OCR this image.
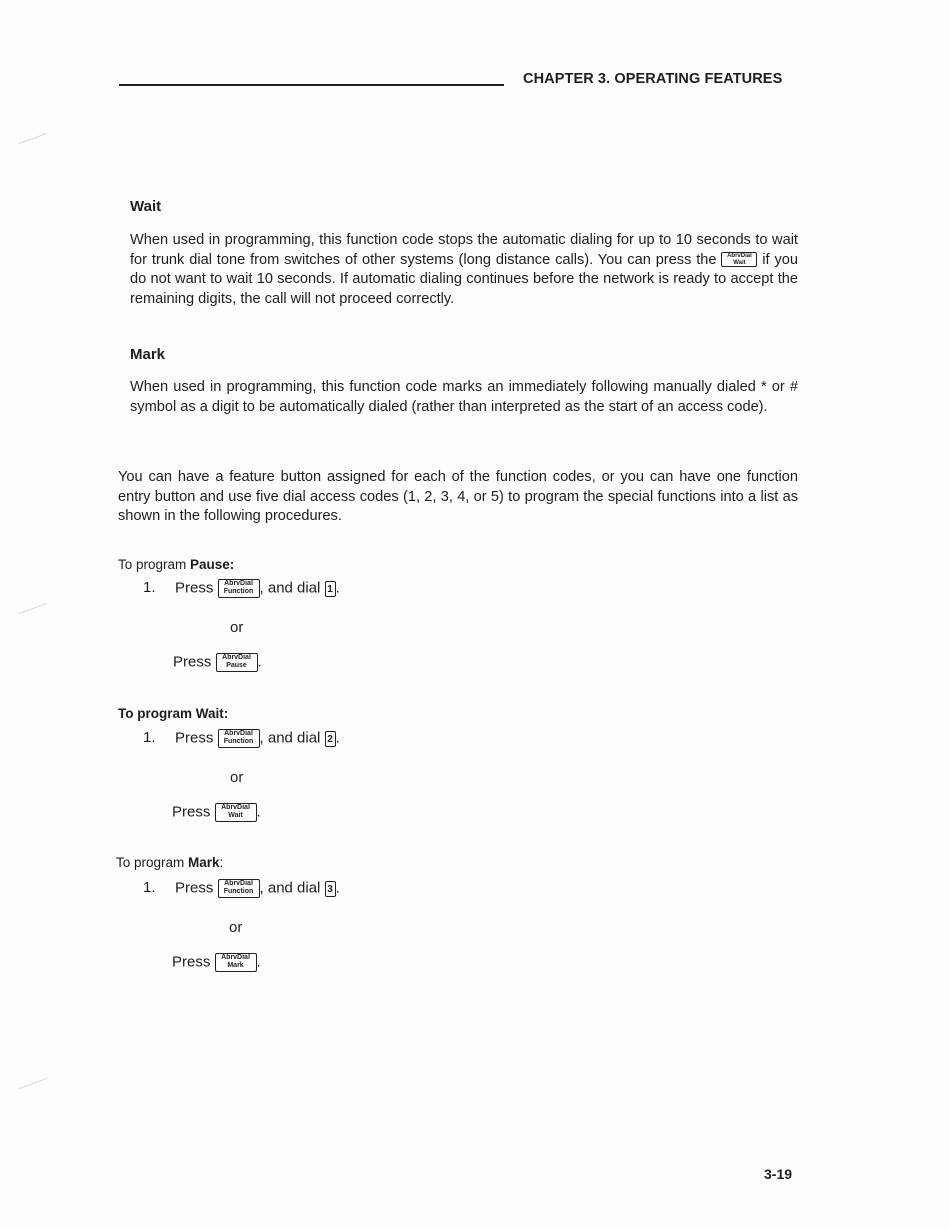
CHAPTER 3. OPERATING FEATURES
Wait
When used in programming, this function code stops the automatic dialing for up to 10 seconds to wait for trunk dial tone from switches of other systems (long distance calls). You can press the AbrvDial
Wait	if you do not want to wait 10 seconds. If automatic dialing continues before the network is ready to accept the remaining digits, the call will not proceed correctly.
Mark
When used in programming, this function code marks an immediately following manually dialed * or # symbol as a digit to be automatically dialed (rather than interpreted as the start of an access code).
You can have a feature button assigned for each of the function codes, or you can have one function entry button and use five dial access codes (1, 2, 3, 4, or 5) to program the special functions into a list as shown in the following procedures.
To program Pause:
1. Press	AbrvDial
Function , and dial 1 .
or
Press	AbrvDial
Pause .
To program Wait:
1. Press	AbrvDial
Function , and dial 2 .
or
Press	AbrvDial
Wait .
To program Mark:
1. Press	AbrvDial
Function , and dial 3 .
or
Press	AbrvDial
Mark .
3-19
